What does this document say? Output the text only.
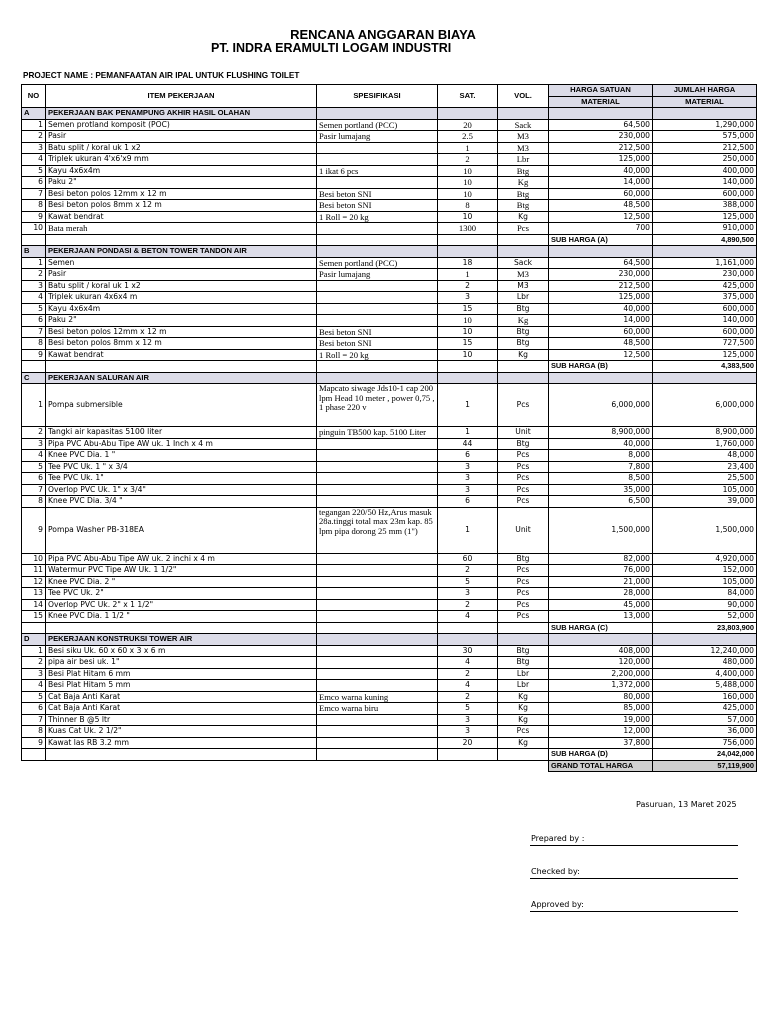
RENCANA ANGGARAN BIAYA
PT. INDRA ERAMULTI LOGAM INDUSTRI
PROJECT NAME : PEMANFAATAN AIR IPAL UNTUK FLUSHING TOILET
NO	ITEM PEKERJAAN	SPESIFIKASI	SAT.	VOL.	HARGA SATUAN	JUMLAH HARGA
					MATERIAL	MATERIAL
A	PEKERJAAN BAK PENAMPUNG AKHIR HASIL OLAHAN					
1	Semen protland komposit (POC)	Semen portland (PCC)	20	Sack	64,500	1,290,000
2	Pasir	Pasir lumajang	2.5	M3	230,000	575,000
3	Batu split / koral uk 1 x2		1	M3	212,500	212,500
4	Triplek ukuran 4'x6'x9 mm		2	Lbr	125,000	250,000
5	Kayu 4x6x4m	1 ikat 6 pcs	10	Btg	40,000	400,000
6	Paku 2"		10	Kg	14,000	140,000
7	Besi beton polos 12mm x 12 m	Besi beton SNI	10	Btg	60,000	600,000
8	Besi beton polos 8mm x 12 m	Besi beton SNI	8	Btg	48,500	388,000
9	Kawat bendrat	1 Roll = 20 kg	10	Kg	12,500	125,000
10	Bata merah		1300	Pcs	700	910,000
					SUB HARGA (A)	4,890,500
B	PEKERJAAN PONDASI & BETON TOWER TANDON AIR					
1	Semen	Semen portland (PCC)	18	Sack	64,500	1,161,000
2	Pasir	Pasir lumajang	1	M3	230,000	230,000
3	Batu split / koral uk 1 x2		2	M3	212,500	425,000
4	Triplek ukuran 4x6x4 m		3	Lbr	125,000	375,000
5	Kayu 4x6x4m		15	Btg	40,000	600,000
6	Paku 2"		10	Kg	14,000	140,000
7	Besi beton polos 12mm x 12 m	Besi beton SNI	10	Btg	60,000	600,000
8	Besi beton polos 8mm x 12 m	Besi beton SNI	15	Btg	48,500	727,500
9	Kawat bendrat	1 Roll = 20 kg	10	Kg	12,500	125,000
					SUB HARGA (B)	4,383,500
C	PEKERJAAN SALURAN AIR					
1	Pompa submersible	Mapcato siwage Jds10-1 cap 200 lpm Head 10 meter , power 0,75 , 1 phase 220 v	1	Pcs	6,000,000	6,000,000
2	Tangki air kapasitas 5100 liter	pinguin TB500 kap. 5100 Liter	1	Unit	8,900,000	8,900,000
3	Pipa PVC Abu-Abu Tipe AW uk. 1 Inch x 4 m		44	Btg	40,000	1,760,000
4	Knee PVC Dia. 1 "		6	Pcs	8,000	48,000
5	Tee PVC Uk. 1 " x 3/4		3	Pcs	7,800	23,400
6	Tee PVC Uk. 1"		3	Pcs	8,500	25,500
7	Overlop PVC Uk. 1" x 3/4"		3	Pcs	35,000	105,000
8	Knee PVC Dia. 3/4 "		6	Pcs	6,500	39,000
9	Pompa Washer PB-318EA	tegangan 220/50 Hz,Arus masuk 28a.tinggi total max 23m kap. 85 lpm pipa dorong 25 mm (1")	1	Unit	1,500,000	1,500,000
10	Pipa PVC Abu-Abu Tipe AW uk. 2 inchi x 4 m		60	Btg	82,000	4,920,000
11	Watermur PVC Tipe AW Uk. 1 1/2"		2	Pcs	76,000	152,000
12	Knee PVC Dia. 2 "		5	Pcs	21,000	105,000
13	Tee PVC Uk. 2"		3	Pcs	28,000	84,000
14	Overlop PVC Uk. 2" x 1 1/2"		2	Pcs	45,000	90,000
15	Knee PVC Dia. 1 1/2 "		4	Pcs	13,000	52,000
					SUB HARGA (C)	23,803,900
D	PEKERJAAN KONSTRUKSI TOWER AIR					
1	Besi siku Uk. 60 x 60 x 3 x 6 m		30	Btg	408,000	12,240,000
2	pipa air besi uk. 1"		4	Btg	120,000	480,000
3	Besi Plat Hitam 6 mm		2	Lbr	2,200,000	4,400,000
4	Besi Plat Hitam 5 mm		4	Lbr	1,372,000	5,488,000
5	Cat Baja Anti Karat	Emco warna kuning	2	Kg	80,000	160,000
6	Cat Baja Anti Karat	Emco warna biru	5	Kg	85,000	425,000
7	Thinner B @5 ltr		3	Kg	19,000	57,000
8	Kuas Cat Uk. 2 1/2"		3	Pcs	12,000	36,000
9	Kawat las RB 3.2 mm		20	Kg	37,800	756,000
					SUB HARGA (D)	24,042,000
					GRAND TOTAL HARGA	57,119,900
Pasuruan, 13 Maret 2025
Prepared by :
Checked by:
Approved by:
